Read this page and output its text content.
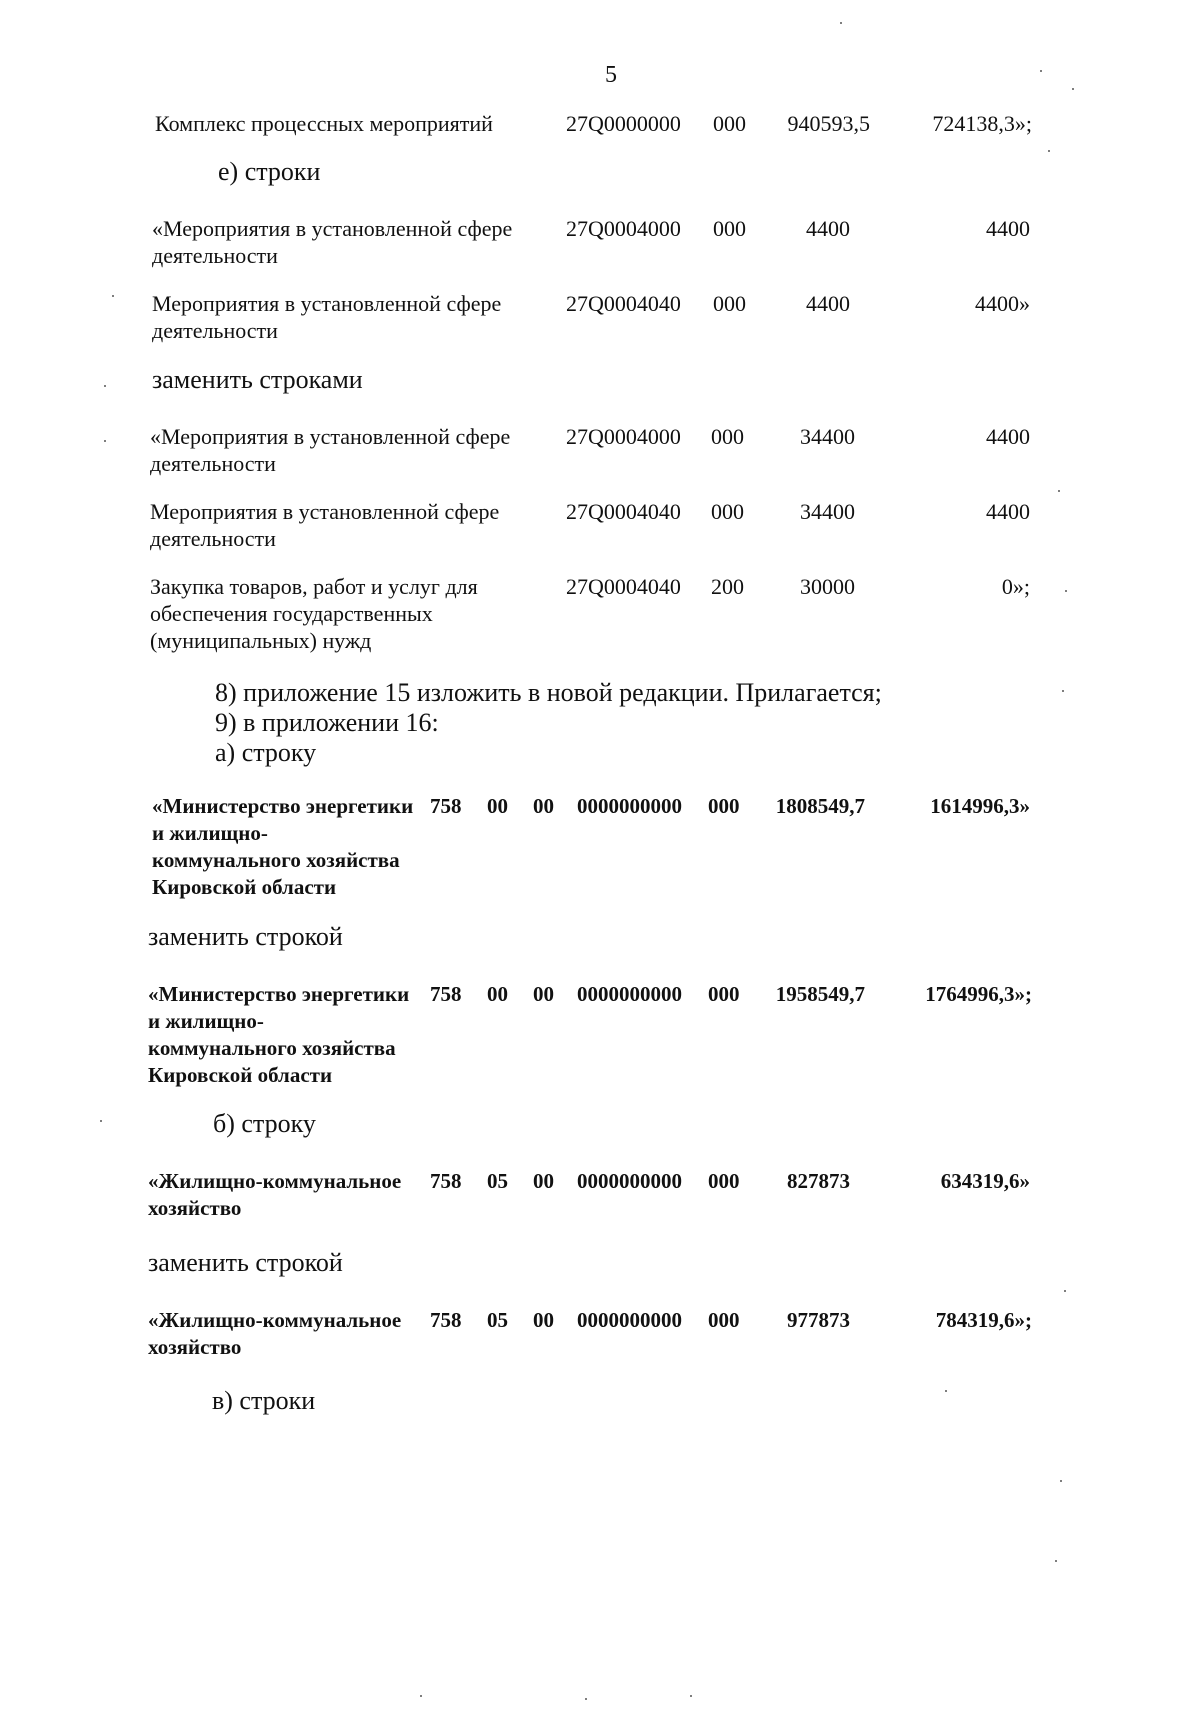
5
Комплекс процессных мероприятий	27Q0000000 000	940593,5	724138,3»;
е) строки
«Мероприятия в установленной сфере деятельности
27Q0004000 000	4400	4400
Мероприятия в установленной сфере деятельности
27Q0004040 000	4400	4400»
заменить строками
«Мероприятия в установленной сфере деятельности
27Q0004000 000	34400	4400
Мероприятия в установленной сфере деятельности
27Q0004040 000	34400	4400
Закупка товаров, работ и услуг для обеспечения государственных (муниципальных) нужд
27Q0004040 200	30000	0»;
8) приложение 15 изложить в новой редакции. Прилагается;
9) в приложении 16:
а) строку
«Министерство энергетики и жилищно-коммунального хозяйства Кировской области
758 00 00 0000000000 000	1808549,7	1614996,3»
заменить строкой
«Министерство энергетики и жилищно-коммунального хозяйства Кировской области
758 00 00 0000000000 000	1958549,7	1764996,3»;
б) строку
«Жилищно-коммунальное хозяйство
758 05 00 0000000000 000	827873	634319,6»
заменить строкой
«Жилищно-коммунальное хозяйство
758 05 00 0000000000 000	977873	784319,6»;
в) строки
